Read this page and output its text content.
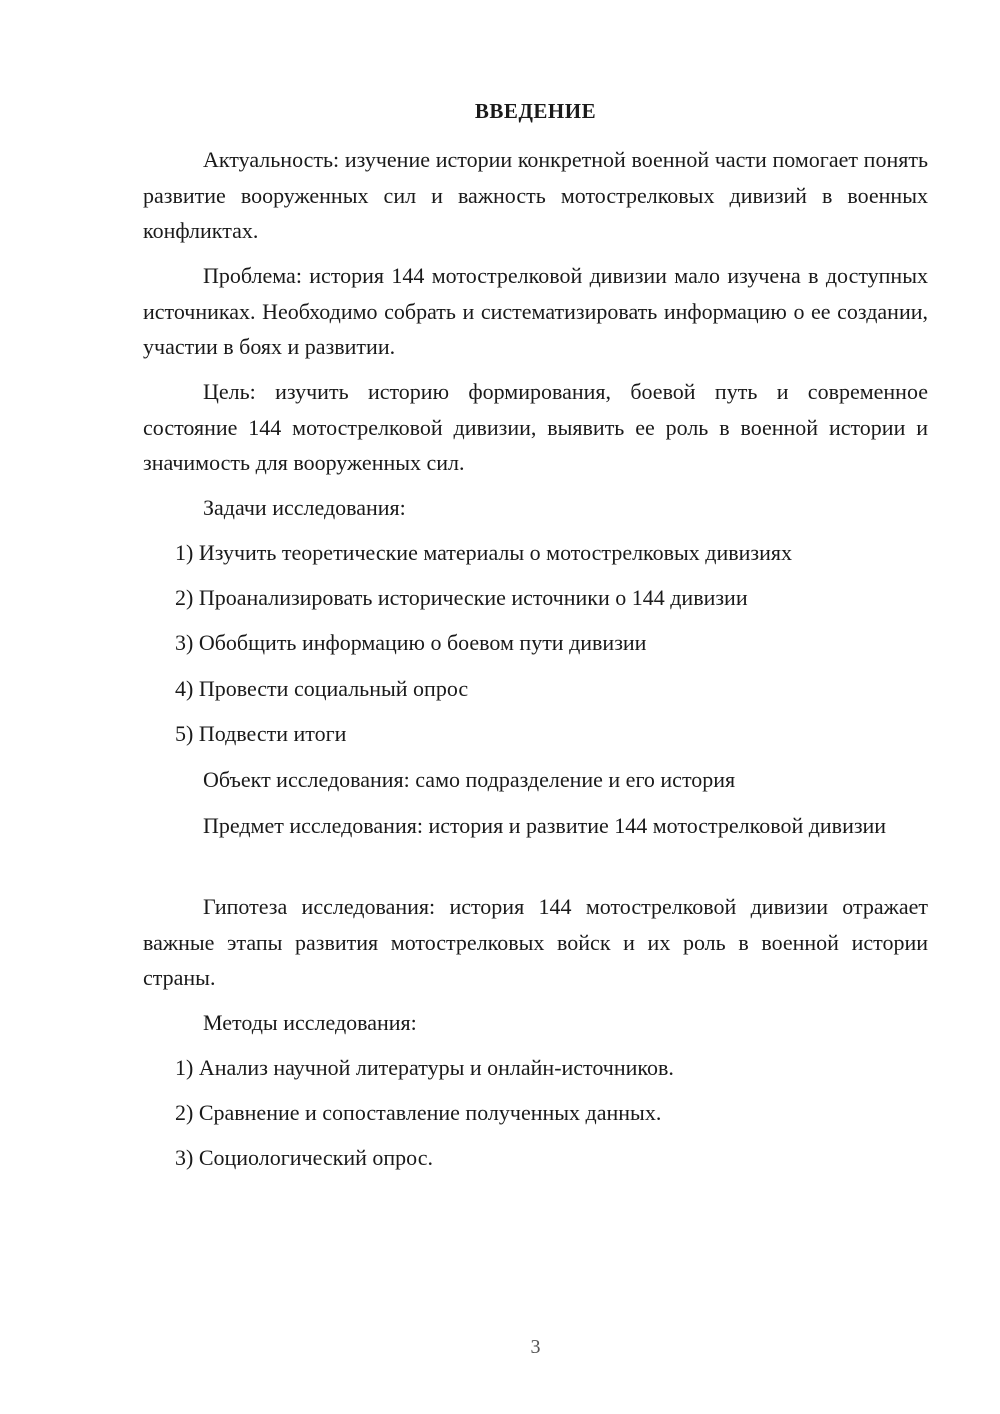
ВВЕДЕНИЕ

Актуальность: изучение истории конкретной военной части помогает понять развитие вооруженных сил и важность мотострелковых дивизий в военных конфликтах.

Проблема: история 144 мотострелковой дивизии мало изучена в доступных источниках. Необходимо собрать и систематизировать информацию о ее создании, участии в боях и развитии.

Цель: изучить историю формирования, боевой путь и современное состояние 144 мотострелковой дивизии, выявить ее роль в военной истории и значимость для вооруженных сил.

Задачи исследования:

1) Изучить теоретические материалы о мотострелковых дивизиях

2) Проанализировать исторические источники о 144 дивизии

3) Обобщить информацию о боевом пути дивизии

4) Провести социальный опрос

5) Подвести итоги

Объект исследования: само подразделение и его история

Предмет исследования: история и развитие 144 мотострелковой дивизии

Гипотеза исследования: история 144 мотострелковой дивизии отражает важные этапы развития мотострелковых войск и их роль в военной истории страны.

Методы исследования:

1) Анализ научной литературы и онлайн-источников.

2) Сравнение и сопоставление полученных данных.

3) Социологический опрос.

3
